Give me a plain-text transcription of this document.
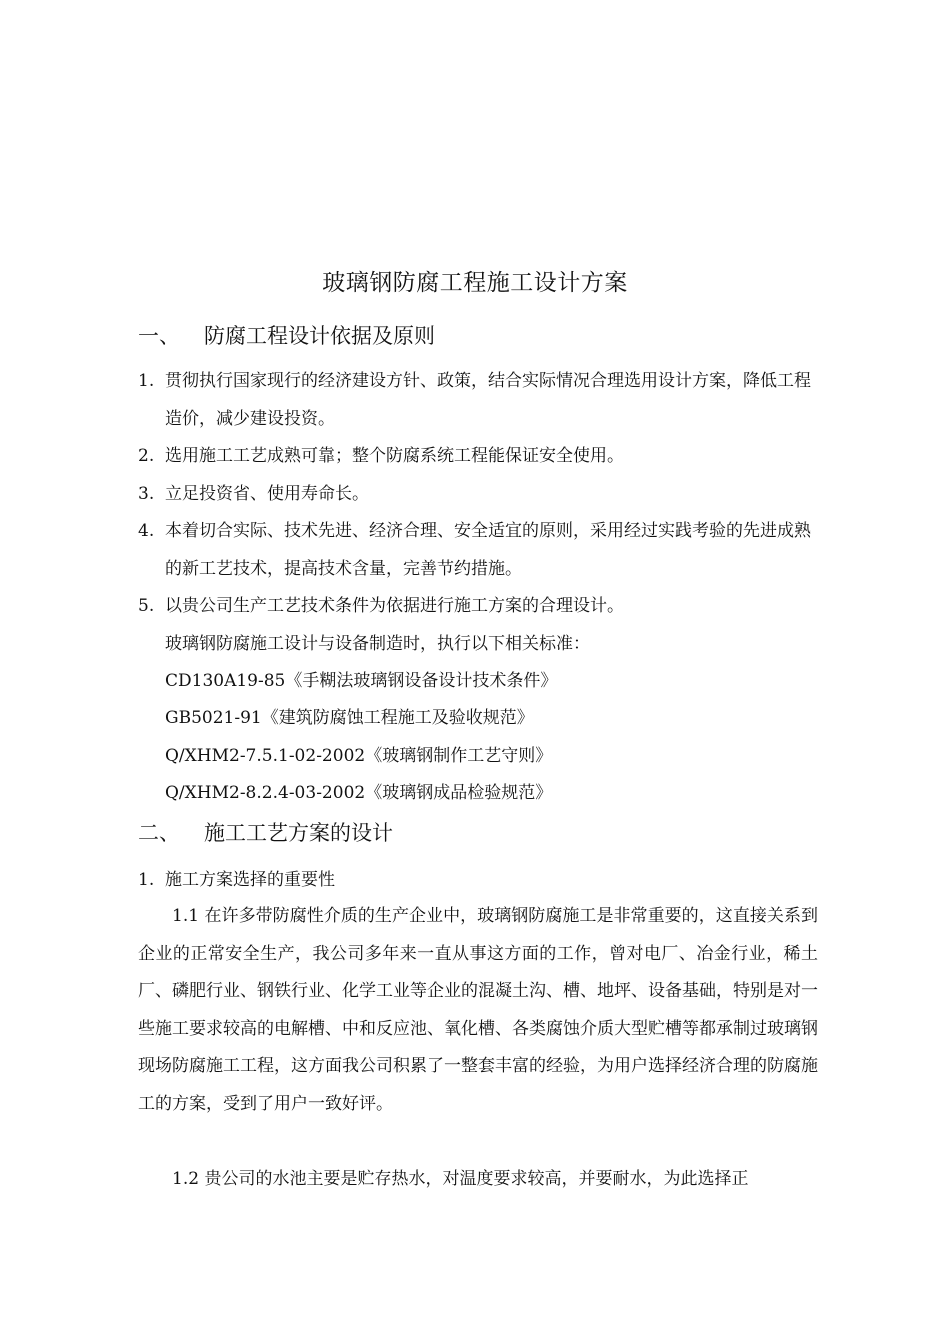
玻璃钢防腐工程施工设计方案
一、 防腐工程设计依据及原则
1. 贯彻执行国家现行的经济建设方针、政策，结合实际情况合理选用设计方案，降低工程造价，减少建设投资。
2. 选用施工工艺成熟可靠；整个防腐系统工程能保证安全使用。
3. 立足投资省、使用寿命长。
4. 本着切合实际、技术先进、经济合理、安全适宜的原则，采用经过实践考验的先进成熟的新工艺技术，提高技术含量，完善节约措施。
5. 以贵公司生产工艺技术条件为依据进行施工方案的合理设计。
玻璃钢防腐施工设计与设备制造时，执行以下相关标准：
CD130A19-85《手糊法玻璃钢设备设计技术条件》
GB5021-91《建筑防腐蚀工程施工及验收规范》
Q/XHM2-7.5.1-02-2002《玻璃钢制作工艺守则》
Q/XHM2-8.2.4-03-2002《玻璃钢成品检验规范》
二、 施工工艺方案的设计
1. 施工方案选择的重要性
1.1 在许多带防腐性介质的生产企业中，玻璃钢防腐施工是非常重要的，这直接关系到企业的正常安全生产，我公司多年来一直从事这方面的工作，曾对电厂、冶金行业，稀土厂、磷肥行业、钢铁行业、化学工业等企业的混凝土沟、槽、地坪、设备基础，特别是对一些施工要求较高的电解槽、中和反应池、氧化槽、各类腐蚀介质大型贮槽等都承制过玻璃钢现场防腐施工工程，这方面我公司积累了一整套丰富的经验，为用户选择经济合理的防腐施工的方案，受到了用户一致好评。
1.2 贵公司的水池主要是贮存热水，对温度要求较高，并要耐水，为此选择正
